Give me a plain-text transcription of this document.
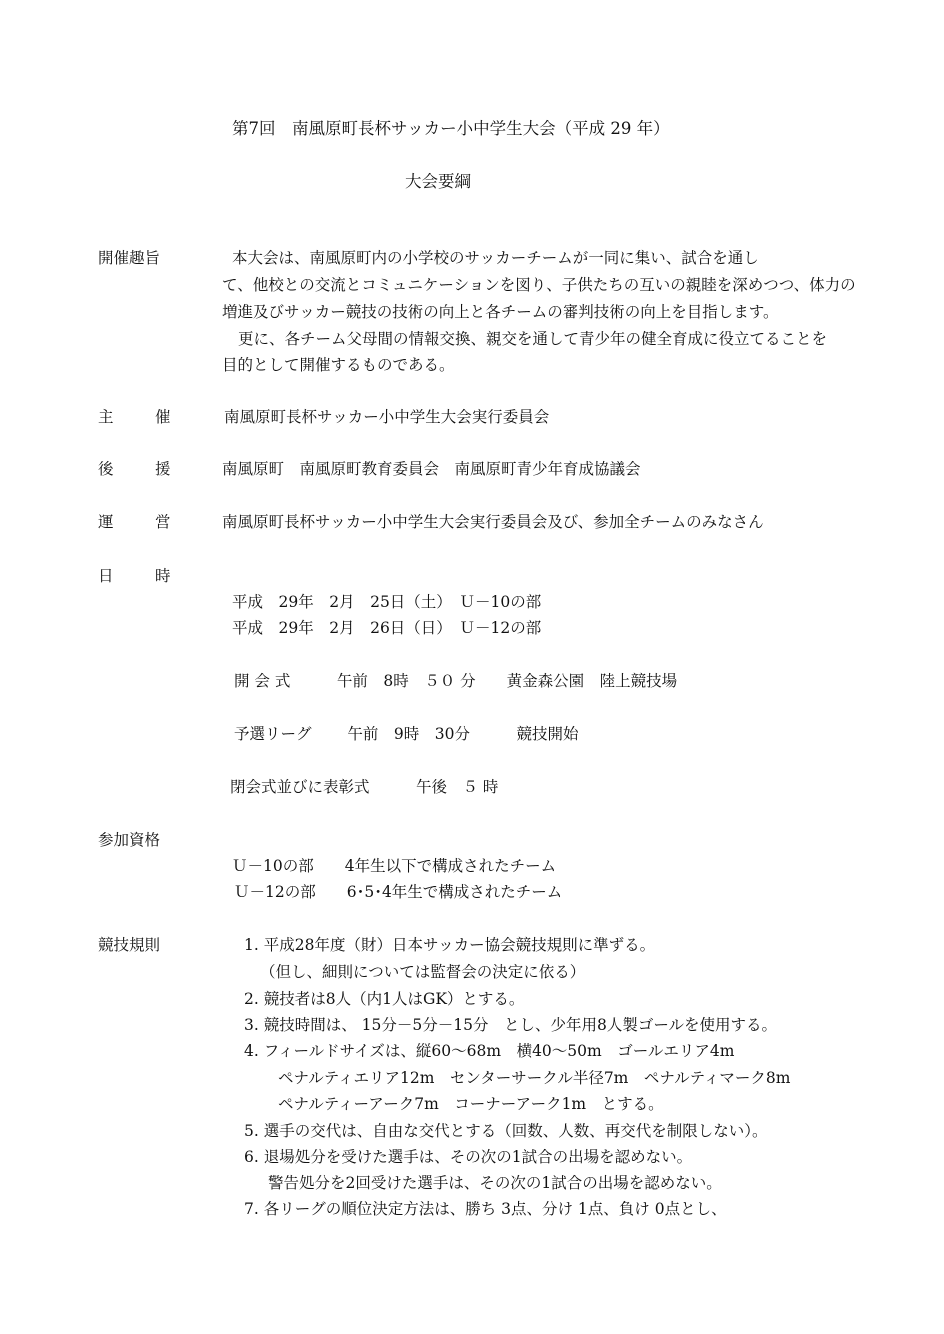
第7回　南風原町長杯サッカー小中学生大会（平成 29 年）
大会要綱
開催趣旨	本大会は、南風原町内の小学校のサッカーチームが一同に集い、試合を通し
て、他校との交流とコミュニケーションを図り、子供たちの互いの親睦を深めつつ、体力の
増進及びサッカー競技の技術の向上と各チームの審判技術の向上を目指します。
更に、各チーム父母間の情報交換、親交を通して青少年の健全育成に役立てることを
目的として開催するものである。
主	催	南風原町長杯サッカー小中学生大会実行委員会
後	援	南風原町　南風原町教育委員会　南風原町青少年育成協議会
運	営	南風原町長杯サッカー小中学生大会実行委員会及び、参加全チームのみなさん
日	時
平成　29年　2月　25日（土）　Ｕ－10の部
平成　29年　2月　26日（日）　Ｕ－12の部
開 会 式　　　午前　8時　５０ 分　　黄金森公園　陸上競技場
予選リーグ　　 午前　9時　30分　　　競技開始
閉会式並びに表彰式　　　午後　５ 時
参加資格
Ｕ－10の部　　4年生以下で構成されたチーム
Ｕ－12の部　　6･5･4年生で構成されたチーム
競技規則	1. 平成28年度（財）日本サッカー協会競技規則に準ずる。
（但し、細則については監督会の決定に依る）
2. 競技者は8人（内1人はGK）とする。
3. 競技時間は、 15分－5分－15分　とし、少年用8人製ゴールを使用する。
4. フィールドサイズは、縦60～68m　横40～50m　ゴールエリア4m
ペナルティエリア12m　センターサークル半径7m　ペナルティマーク8m
ペナルティーアーク7m　コーナーアーク1m　とする。
5. 選手の交代は、自由な交代とする（回数、人数、再交代を制限しない）。
6. 退場処分を受けた選手は、その次の1試合の出場を認めない。
警告処分を2回受けた選手は、その次の1試合の出場を認めない。
7. 各リーグの順位決定方法は、勝ち 3点、分け 1点、負け 0点とし、
